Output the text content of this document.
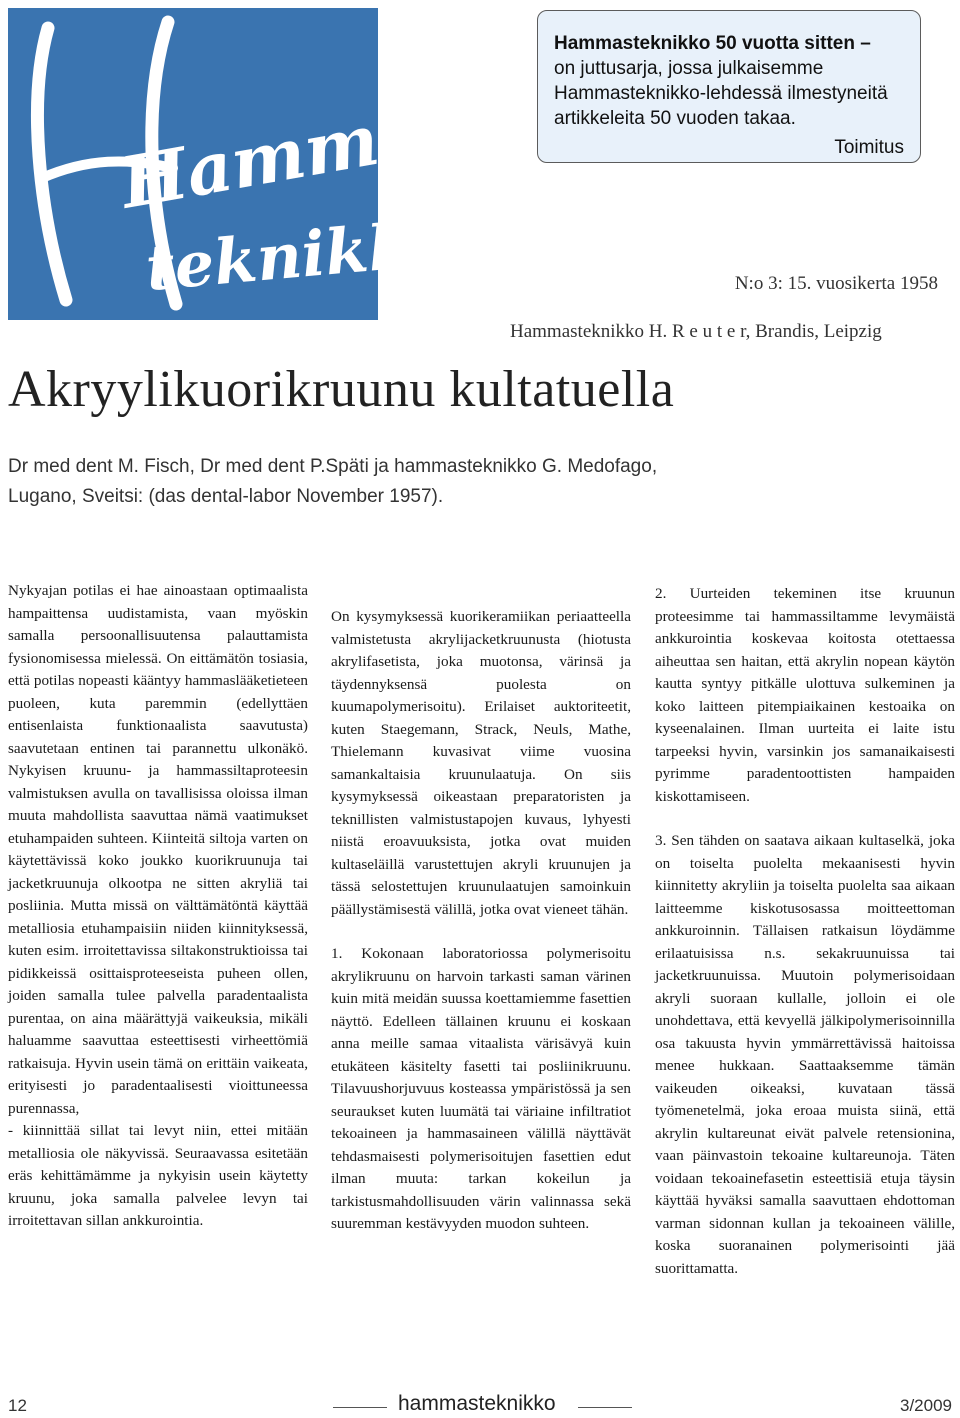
Hammas-
teknikko
Hammasteknikko 50 vuotta sitten –
on juttusarja, jossa julkaisemme Hammasteknikko-lehdessä ilmestyneitä artikkeleita 50 vuoden takaa.
Toimitus
N:o 3: 15. vuosikerta 1958
Hammasteknikko H. R e u t e r, Brandis, Leipzig
Akryylikuorikruunu kultatuella
Dr med dent M. Fisch, Dr med dent P.Späti ja hammasteknikko G. Medofago, Lugano, Sveitsi: (das dental-labor November 1957).

Nykyajan potilas ei hae ainoastaan optimaalista hampaittensa uudistamista, vaan myöskin samalla persoonallisuutensa palauttamista fysionomisessa mielessä. On eittämätön tosiasia, että potilas nopeasti kääntyy hammaslääketieteen puoleen, kuta paremmin (edellyttäen entisenlaista funktionaalista saavutusta) saavutetaan entinen tai parannettu ulkonäkö. Nykyisen kruunu- ja hammassiltaproteesin valmistuksen avulla on tavallisissa oloissa ilman muuta mahdollista saavuttaa nämä vaatimukset etuhampaiden suhteen. Kiinteitä siltoja varten on käytettävissä koko joukko kuorikruunuja tai jacketkruunuja olkootpa ne sitten akryliä tai posliinia. Mutta missä on välttämätöntä käyttää metalliosia etuhampaisiin niiden kiinnityksessä, kuten esim. irroitettavissa siltakonstruktioissa tai pidikkeissä osittaisproteeseista puheen ollen, joiden samalla tulee palvella paradentaalista purentaa, on aina määrättyjä vaikeuksia, mikäli haluamme saavuttaa esteettisesti virheettömiä ratkaisuja. Hyvin usein tämä on erittäin vaikeata, erityisesti jo paradentaalisesti vioittuneessa purennassa,

- kiinnittää sillat tai levyt niin, ettei mitään metalliosia ole näkyvissä. Seuraavassa esitetään eräs kehittämämme ja nykyisin usein käytetty kruunu, joka samalla palvelee levyn tai irroitettavan sillan ankkurointia.

On kysymyksessä kuorikeramiikan periaatteella valmistetusta akrylijacketkruunusta (hiotusta akrylifasetista, joka muotonsa, värinsä ja täydennyksensä puolesta on kuumapolymerisoitu). Erilaiset auktoriteetit, kuten Staegemann, Strack, Neuls, Mathe, Thielemann kuvasivat viime vuosina samankaltaisia kruunulaatuja. On siis kysymyksessä oikeastaan preparatoristen ja teknillisten valmistustapojen kuvaus, lyhyesti niistä eroavuuksista, jotka ovat muiden kultaseläillä varustettujen akryli kruunujen ja tässä selostettujen kruunulaatujen samoinkuin päällystämisestä välillä, jotka ovat vieneet tähän.

1. Kokonaan laboratoriossa polymerisoitu akrylikruunu on harvoin tarkasti saman värinen kuin mitä meidän suussa koettamiemme fasettien näyttö. Edelleen tällainen kruunu ei koskaan anna meille samaa vitaalista värisävyä kuin etukäteen käsitelty fasetti tai posliinikruunu. Tilavuushorjuvuus kosteassa ympäristössä ja sen seuraukset kuten luumätä tai väriaine infiltratiot tekoaineen ja hammasaineen välillä näyttävät tehdasmaisesti polymerisoitujen fasettien edut ilman muuta: tarkan kokeilun ja tarkistusmahdollisuuden värin valinnassa sekä suuremman kestävyyden muodon suhteen.

2. Uurteiden tekeminen itse kruunun proteesimme tai hammassiltamme levymäistä ankkurointia koskevaa koitosta otettaessa aiheuttaa sen haitan, että akrylin nopean käytön kautta syntyy pitkälle ulottuva sulkeminen ja koko laitteen pitempiaikainen kestoaika on kyseenalainen. Ilman uurteita ei laite istu tarpeeksi hyvin, varsinkin jos samanaikaisesti pyrimme paradentoottisten hampaiden kiskottamiseen.

3. Sen tähden on saatava aikaan kultaselkä, joka on toiselta puolelta mekaanisesti hyvin kiinnitetty akryliin ja toiselta puolelta saa aikaan laitteemme kiskotusosassa moitteettoman ankkuroinnin. Tällaisen ratkaisun löydämme erilaatuisissa n.s. sekakruunuissa tai jacketkruunuissa. Muutoin polymerisoidaan akryli suoraan kullalle, jolloin ei ole unohdettava, että kevyellä jälkipolymerisoinnilla osa takuusta hyvin ymmärrettävissä haitoissa menee hukkaan. Saattaaksemme tämän vaikeuden oikeaksi, kuvataan tässä työmenetelmä, joka eroaa muista siinä, että akrylin kultareunat eivät palvele retensionina, vaan päinvastoin tekoaine kultareunoja. Täten voidaan tekoainefasetin esteettisiä etuja täysin käyttää hyväksi samalla saavuttaen ehdottoman varman sidonnan kullan ja tekoaineen välille, koska suoranainen polymerisointi jää suorittamatta.

12	hammasteknikko	3/2009
